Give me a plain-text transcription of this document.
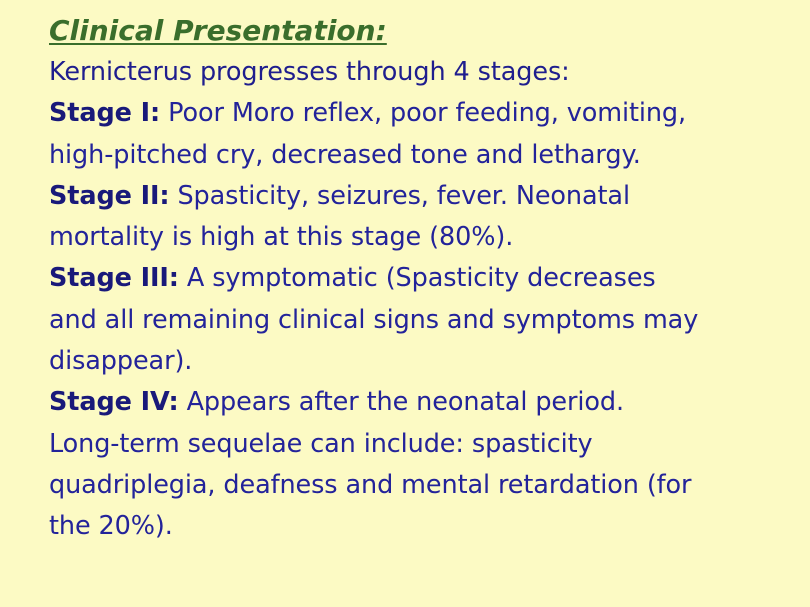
Clinical Presentation:

Kernicterus progresses through 4 stages:
Stage I: Poor Moro reflex, poor feeding, vomiting,
high-pitched cry, decreased tone and lethargy.
Stage II: Spasticity, seizures, fever. Neonatal
mortality is high at this stage (80%).
Stage III: A symptomatic (Spasticity decreases
and all remaining clinical signs and symptoms may
disappear).
Stage IV: Appears after the neonatal period.
Long-term sequelae can include: spasticity
quadriplegia, deafness and mental retardation (for
the 20%).
